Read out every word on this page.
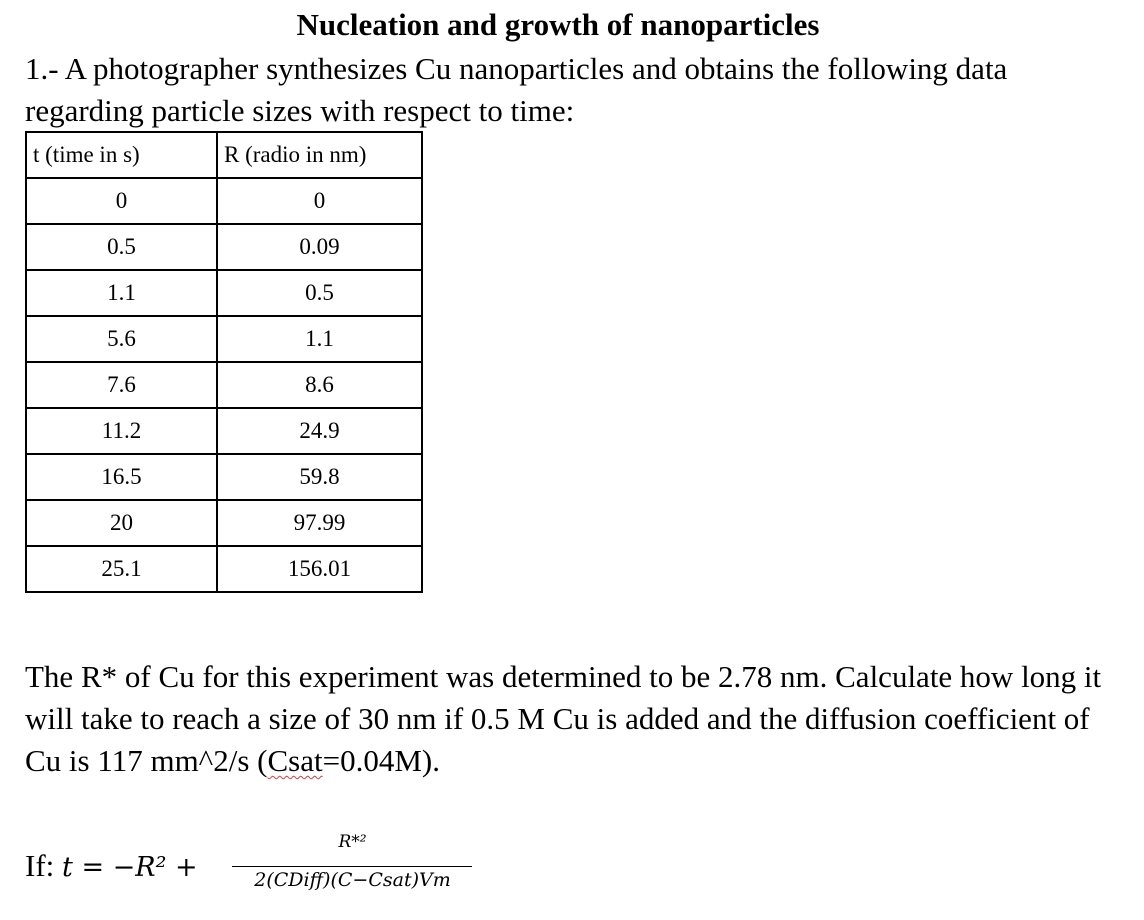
Nucleation and growth of nanoparticles
1.- A photographer synthesizes Cu nanoparticles and obtains the following data regarding particle sizes with respect to time:
t (time in s)	R (radio in nm)
0	0
0.5	0.09
1.1	0.5
5.6	1.1
7.6	8.6
11.2	24.9
16.5	59.8
20	97.99
25.1	156.01
The R* of Cu for this experiment was determined to be 2.78 nm. Calculate how long it will take to reach a size of 30 nm if 0.5 M Cu is added and the diffusion coefficient of Cu is 117 mm^2/s (Csat=0.04M).
If: t = −R² +
R*²
2(CDiff)(C−Csat)Vm
